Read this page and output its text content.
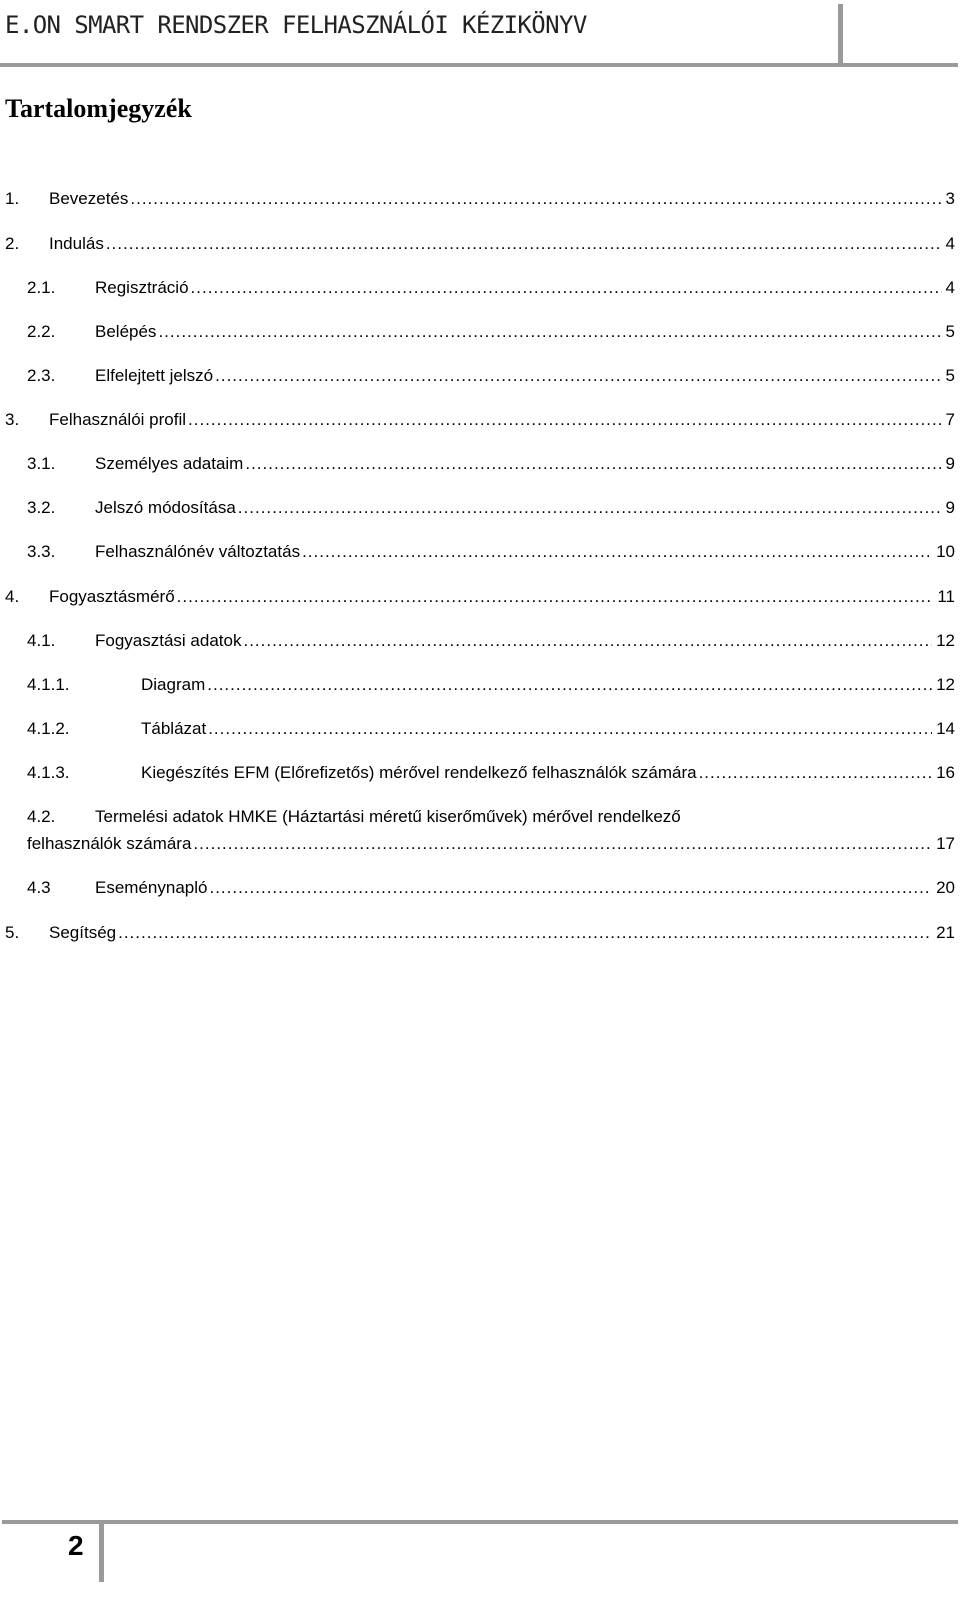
E.ON SMART RENDSZER FELHASZNÁLÓI KÉZIKÖNYV
Tartalomjegyzék
1.	Bevezetés .....	3
2.	Indulás .....	4
2.1.	Regisztráció .....	4
2.2.	Belépés .....	5
2.3.	Elfelejtett jelszó .....	5
3.	Felhasználói profil .....	7
3.1.	Személyes adataim .....	9
3.2.	Jelszó módosítása .....	9
3.3.	Felhasználónév változtatás .....	10
4.	Fogyasztásmérő .....	11
4.1.	Fogyasztási adatok .....	12
4.1.1.	Diagram .....	12
4.1.2.	Táblázat .....	14
4.1.3.	Kiegészítés EFM (Előrefizetős) mérővel rendelkező felhasználók számára .....	16
4.2. Termelési adatok HMKE (Háztartási méretű kiserőművek) mérővel rendelkező
felhasználók számára .....	17
4.3	Eseménynapló .....	20
5.	Segítség .....	21
2
